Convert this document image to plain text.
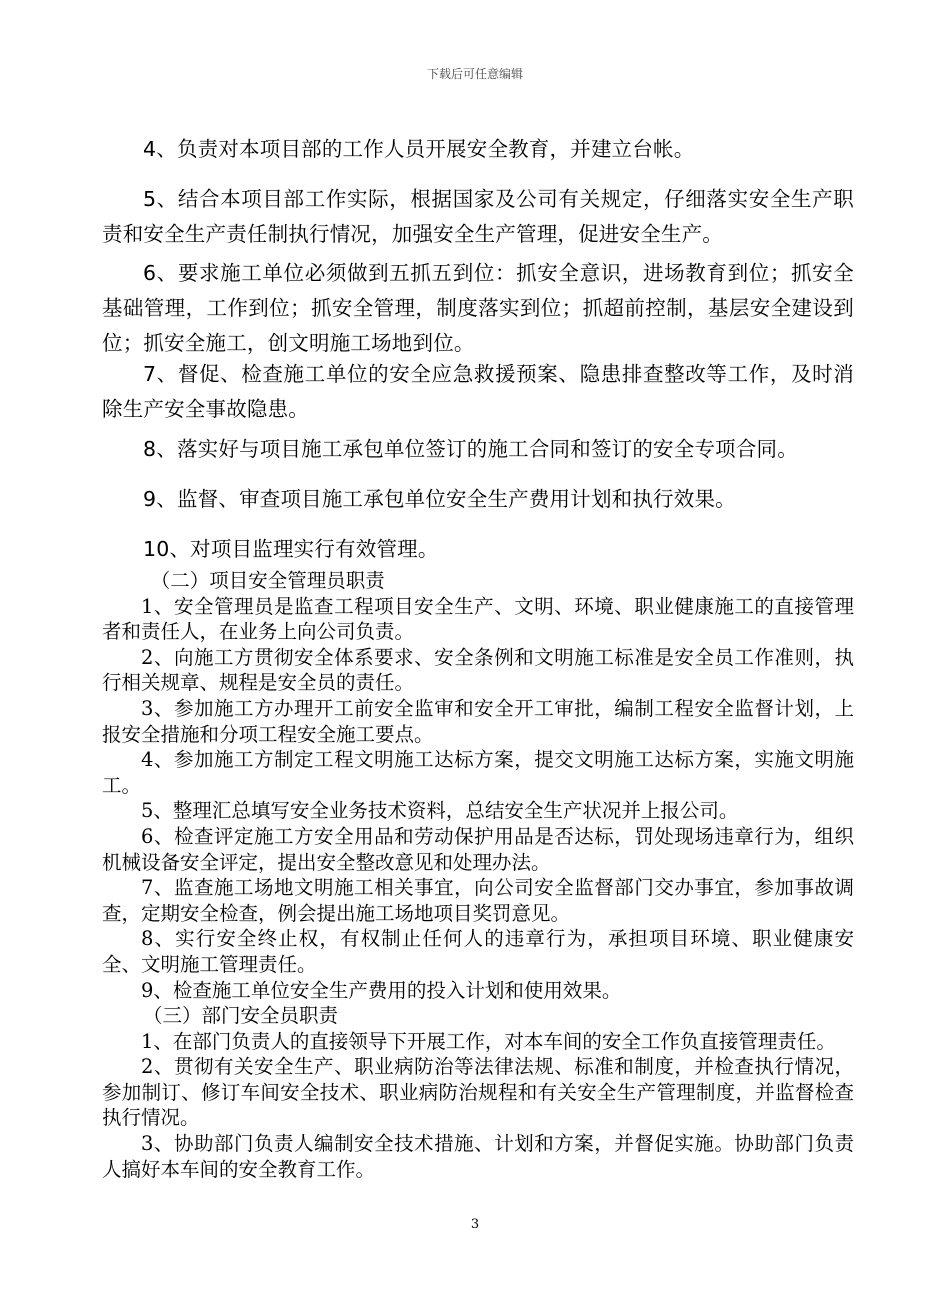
下载后可任意编辑

4、负责对本项目部的工作人员开展安全教育，并建立台帐。

5、结合本项目部工作实际，根据国家及公司有关规定，仔细落实安全生产职责和安全生产责任制执行情况，加强安全生产管理，促进安全生产。

6、要求施工单位必须做到五抓五到位：抓安全意识，进场教育到位；抓安全基础管理，工作到位；抓安全管理，制度落实到位；抓超前控制，基层安全建设到位；抓安全施工，创文明施工场地到位。

7、督促、检查施工单位的安全应急救援预案、隐患排查整改等工作，及时消除生产安全事故隐患。

8、落实好与项目施工承包单位签订的施工合同和签订的安全专项合同。

9、监督、审查项目施工承包单位安全生产费用计划和执行效果。

10、对项目监理实行有效管理。

（二）项目安全管理员职责

1、安全管理员是监查工程项目安全生产、文明、环境、职业健康施工的直接管理者和责任人，在业务上向公司负责。

2、向施工方贯彻安全体系要求、安全条例和文明施工标准是安全员工作准则，执行相关规章、规程是安全员的责任。

3、参加施工方办理开工前安全监审和安全开工审批，编制工程安全监督计划，上报安全措施和分项工程安全施工要点。

4、参加施工方制定工程文明施工达标方案，提交文明施工达标方案，实施文明施工。

5、整理汇总填写安全业务技术资料，总结安全生产状况并上报公司。

6、检查评定施工方安全用品和劳动保护用品是否达标，罚处现场违章行为，组织机械设备安全评定，提出安全整改意见和处理办法。

7、监查施工场地文明施工相关事宜，向公司安全监督部门交办事宜，参加事故调查，定期安全检查，例会提出施工场地项目奖罚意见。

8、实行安全终止权，有权制止任何人的违章行为，承担项目环境、职业健康安全、文明施工管理责任。

9、检查施工单位安全生产费用的投入计划和使用效果。

（三）部门安全员职责

1、在部门负责人的直接领导下开展工作，对本车间的安全工作负直接管理责任。

2、贯彻有关安全生产、职业病防治等法律法规、标准和制度，并检查执行情况，参加制订、修订车间安全技术、职业病防治规程和有关安全生产管理制度，并监督检查执行情况。

3、协助部门负责人编制安全技术措施、计划和方案，并督促实施。协助部门负责人搞好本车间的安全教育工作。

3
